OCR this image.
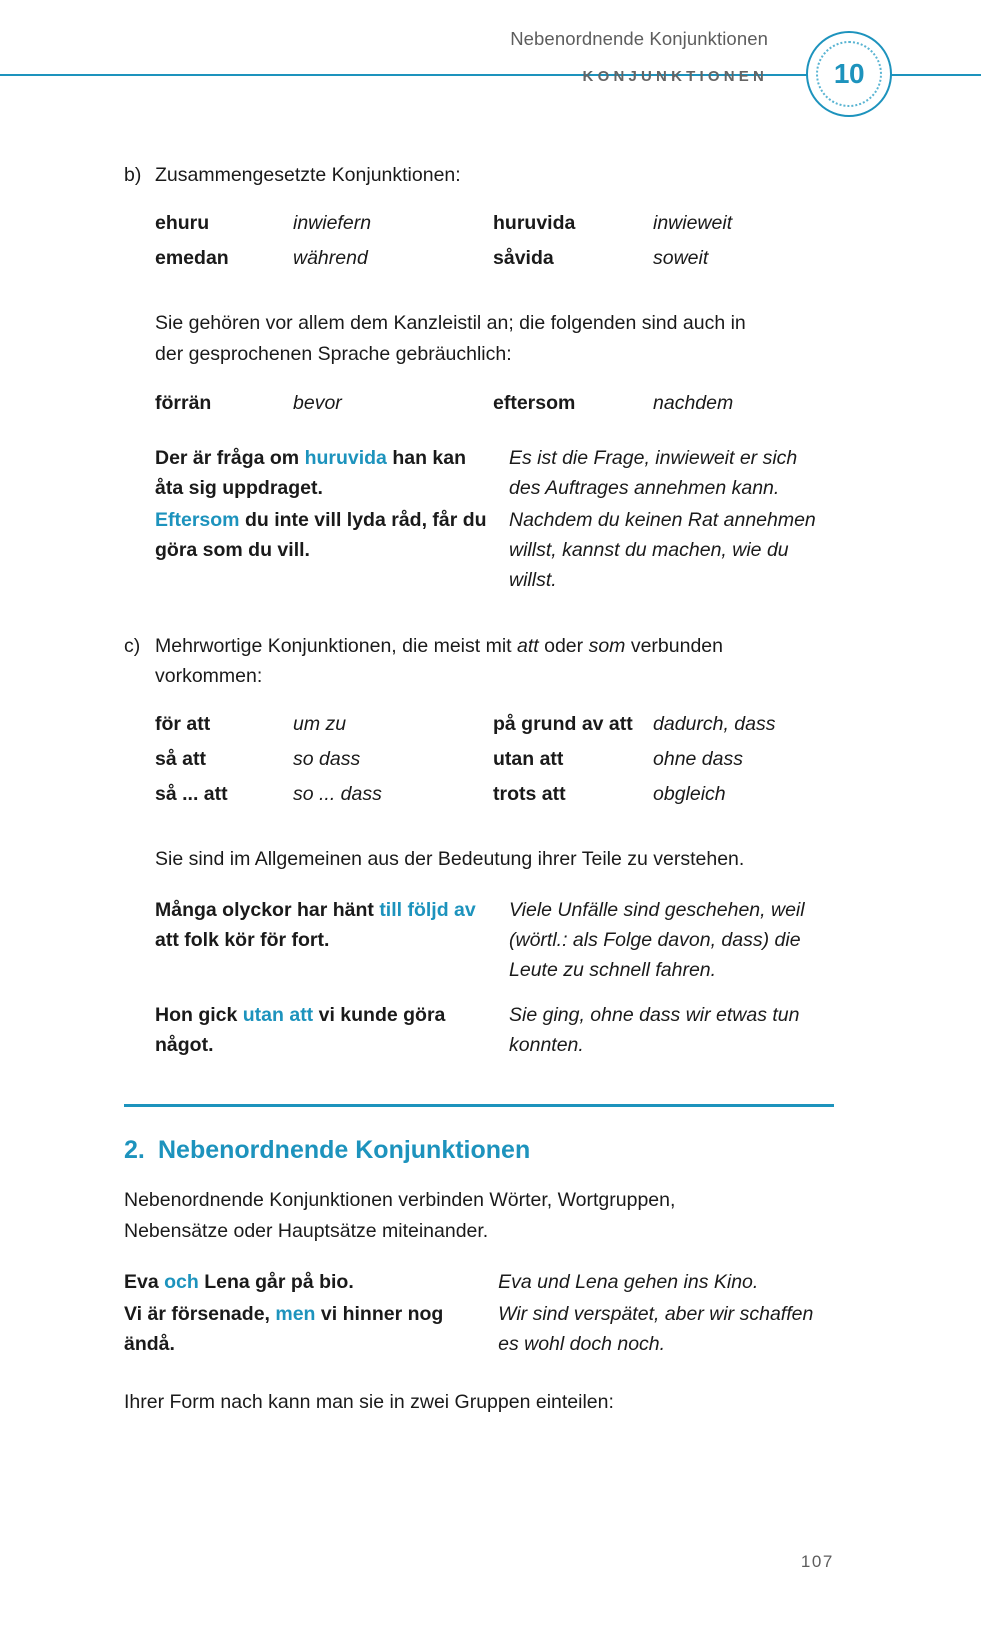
Nebenordnende Konjunktionen
KONJUNKTIONEN	10
b) Zusammengesetzte Konjunktionen:
ehuru	inwiefern	huruvida	inwieweit
emedan	während	såvida	soweit
Sie gehören vor allem dem Kanzleistil an; die folgenden sind auch in
der gesprochenen Sprache gebräuchlich:
förrän	bevor	eftersom	nachdem
Der är fråga om huruvida han kan åta sig uppdraget.	Es ist die Frage, inwieweit er sich des Auftrages annehmen kann.
Eftersom du inte vill lyda råd, får du göra som du vill.	Nachdem du keinen Rat annehmen willst, kannst du machen, wie du willst.
c) Mehrwortige Konjunktionen, die meist mit att oder som verbunden vorkommen:
för att	um zu	på grund av att	dadurch, dass
så att	so dass	utan att	ohne dass
så ... att	so ... dass	trots att	obgleich
Sie sind im Allgemeinen aus der Bedeutung ihrer Teile zu verstehen.
Många olyckor har hänt till följd av att folk kör för fort.	Viele Unfälle sind geschehen, weil (wörtl.: als Folge davon, dass) die Leute zu schnell fahren.
Hon gick utan att vi kunde göra något.	Sie ging, ohne dass wir etwas tun konnten.
2. Nebenordnende Konjunktionen
Nebenordnende Konjunktionen verbinden Wörter, Wortgruppen,
Nebensätze oder Hauptsätze miteinander.
Eva och Lena går på bio.	Eva und Lena gehen ins Kino.
Vi är försenade, men vi hinner nog ändå.	Wir sind verspätet, aber wir schaffen es wohl doch noch.
Ihrer Form nach kann man sie in zwei Gruppen einteilen:
107
